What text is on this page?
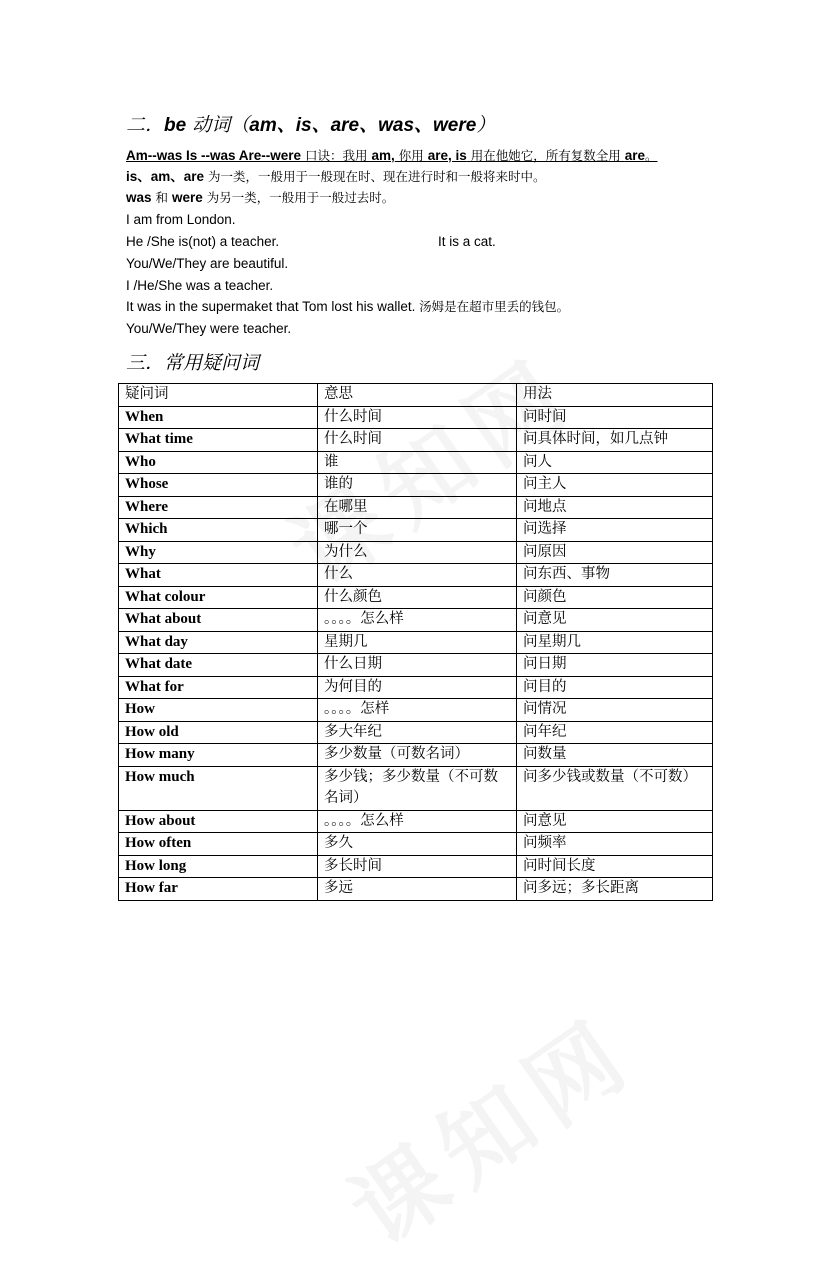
二．be 动词（am、is、are、was、were）
Am--was Is --was Are--were 口诀：我用 am, 你用 are, is 用在他她它，所有复数全用 are。
is、am、are 为一类，一般用于一般现在时、现在进行时和一般将来时中。
was 和 were 为另一类，一般用于一般过去时。
I am from London.
He /She is(not) a teacher.	It is a cat.
You/We/They are beautiful.
I /He/She was a teacher.
It was in the supermaket that Tom lost his wallet. 汤姆是在超市里丢的钱包。
You/We/They were teacher.
三．常用疑问词
疑问词	意思	用法
When	什么时间	问时间
What time	什么时间	问具体时间，如几点钟
Who	谁	问人
Whose	谁的	问主人
Where	在哪里	问地点
Which	哪一个	问选择
Why	为什么	问原因
What	什么	问东西、事物
What colour	什么颜色	问颜色
What about	。。。。怎么样	问意见
What day	星期几	问星期几
What date	什么日期	问日期
What for	为何目的	问目的
How	。。。。怎样	问情况
How old	多大年纪	问年纪
How many	多少数量（可数名词）	问数量
How much	多少钱；多少数量（不可数名词）	问多少钱或数量（不可数）
How about	。。。。怎么样	问意见
How often	多久	问频率
How long	多长时间	问时间长度
How far	多远	问多远；多长距离
